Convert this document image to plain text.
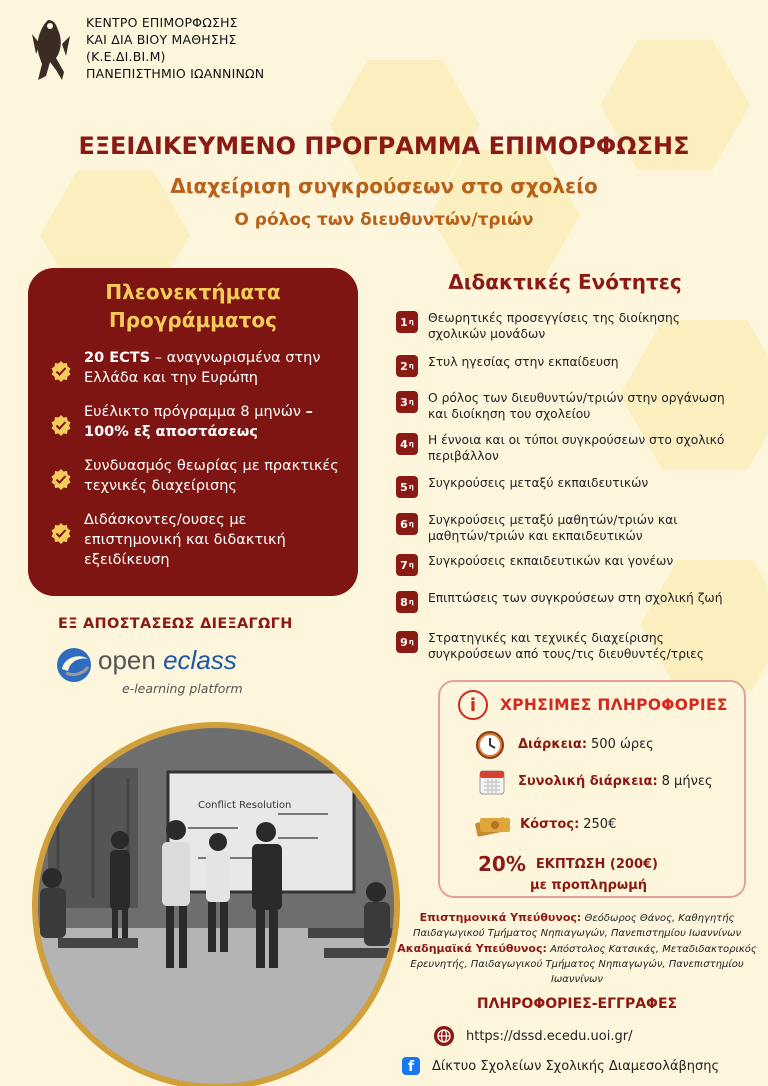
ΚΕΝΤΡΟ ΕΠΙΜΟΡΦΩΣΗΣ
ΚΑΙ ΔΙΑ ΒΙΟΥ ΜΑΘΗΣΗΣ
(Κ.Ε.ΔΙ.ΒΙ.Μ)
ΠΑΝΕΠΙΣΤΗΜΙΟ ΙΩΑΝΝΙΝΩΝ
ΕΞΕΙΔΙΚΕΥΜΕΝΟ ΠΡΟΓΡΑΜΜΑ ΕΠΙΜΟΡΦΩΣΗΣ
Διαχείριση συγκρούσεων στο σχολείο
Ο ρόλος των διευθυντών/τριών
Πλεονεκτήματα
Προγράμματος
20 ECTS – αναγνωρισμένα στην Ελλάδα και την Ευρώπη
Ευέλικτο πρόγραμμα 8 μηνών – 100% εξ αποστάσεως
Συνδυασμός θεωρίας με πρακτικές τεχνικές διαχείρισης
Διδάσκοντες/ουσες με επιστημονική και διδακτική εξειδίκευση
Διδακτικές Ενότητες
1 η Θεωρητικές προσεγγίσεις της διοίκησης σχολικών μονάδων
2 η Στυλ ηγεσίας στην εκπαίδευση
3 η Ο ρόλος των διευθυντών/τριών στην οργάνωση και διοίκηση του σχολείου
4 η Η έννοια και οι τύποι συγκρούσεων στο σχολικό περιβάλλον
5 η Συγκρούσεις μεταξύ εκπαιδευτικών
6 η Συγκρούσεις μεταξύ μαθητών/τριών και μαθητών/τριών και εκπαιδευτικών
7 η Συγκρούσεις εκπαιδευτικών και γονέων
8 η Επιπτώσεις των συγκρούσεων στη σχολική ζωή
9 η Στρατηγικές και τεχνικές διαχείρισης συγκρούσεων από τους/τις διευθυντές/τριες
ΕΞ ΑΠΟΣΤΑΣΕΩΣ ΔΙΕΞΑΓΩΓΗ
open eclass
e-learning platform
Conflict Resolution
i	ΧΡΗΣΙΜΕΣ ΠΛΗΡΟΦΟΡΙΕΣ
Διάρκεια: 500 ώρες
Συνολική διάρκεια: 8 μήνες
Κόστος: 250€
20% ΕΚΠΤΩΣΗ (200€)
με προπληρωμή
Επιστημονικά Υπεύθυνος: Θεόδωρος Θάνος, Καθηγητής Παιδαγωγικού Τμήματος Νηπιαγωγών, Πανεπιστημίου Ιωαννίνων
Ακαδημαϊκά Υπεύθυνος: Απόστολος Κατσικάς, Μεταδιδακτορικός Ερευνητής, Παιδαγωγικού Τμήματος Νηπιαγωγών, Πανεπιστημίου Ιωαννίνων
ΠΛΗΡΟΦΟΡΙΕΣ-ΕΓΓΡΑΦΕΣ
https://dssd.ecedu.uoi.gr/
f	Δίκτυο Σχολείων Σχολικής Διαμεσολάβησης
